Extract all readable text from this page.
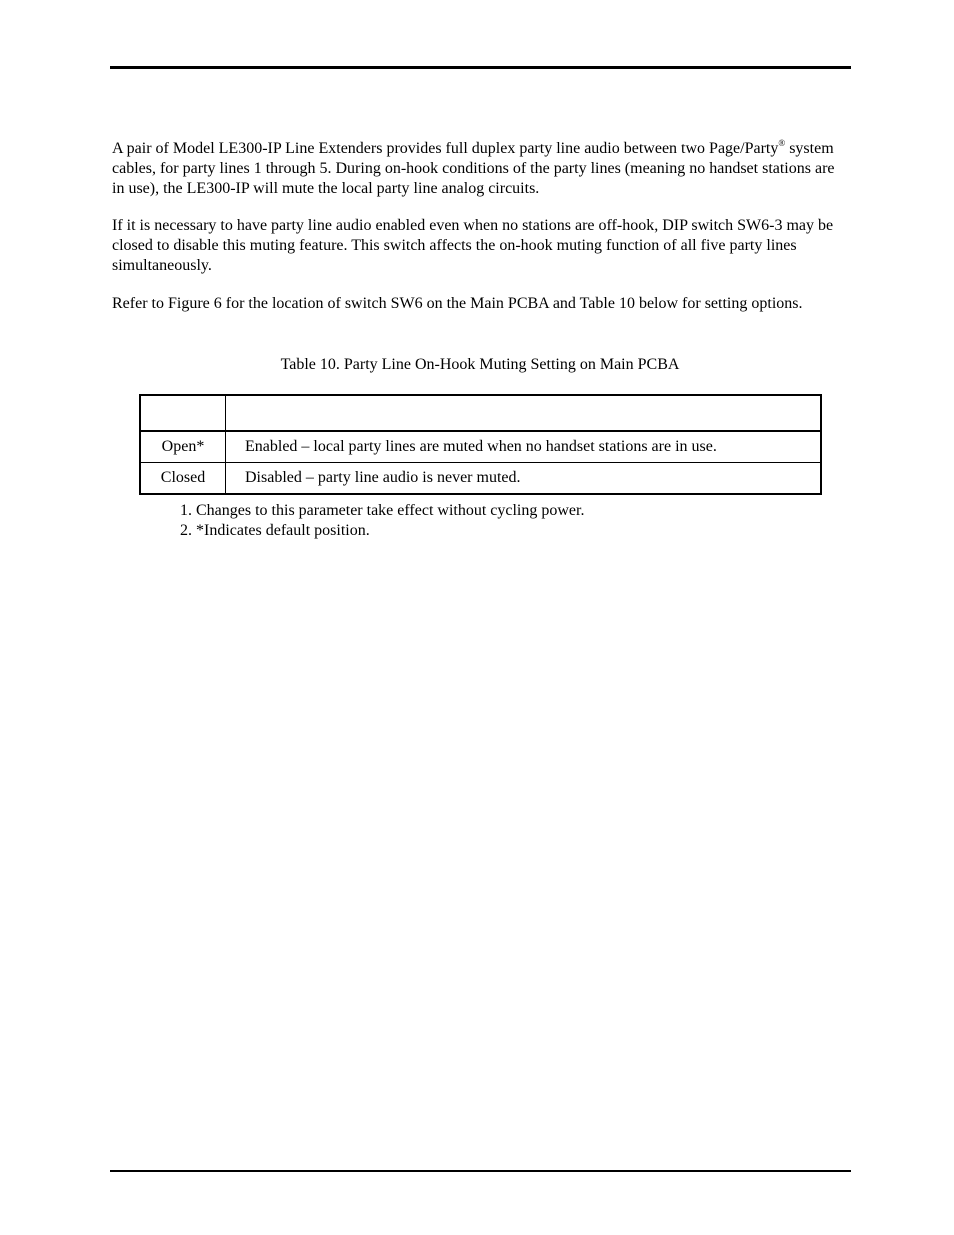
A pair of Model LE300-IP Line Extenders provides full duplex party line audio between two Page/Party® system cables, for party lines 1 through 5. During on-hook conditions of the party lines (meaning no handset stations are in use), the LE300-IP will mute the local party line analog circuits.

If it is necessary to have party line audio enabled even when no stations are off-hook, DIP switch SW6-3 may be closed to disable this muting feature. This switch affects the on-hook muting function of all five party lines simultaneously.

Refer to Figure 6 for the location of switch SW6 on the Main PCBA and Table 10 below for setting options.

Table 10. Party Line On-Hook Muting Setting on Main PCBA

Open*	Enabled – local party lines are muted when no handset stations are in use.
Closed	Disabled – party line audio is never muted.
1. Changes to this parameter take effect without cycling power.
2. *Indicates default position.
